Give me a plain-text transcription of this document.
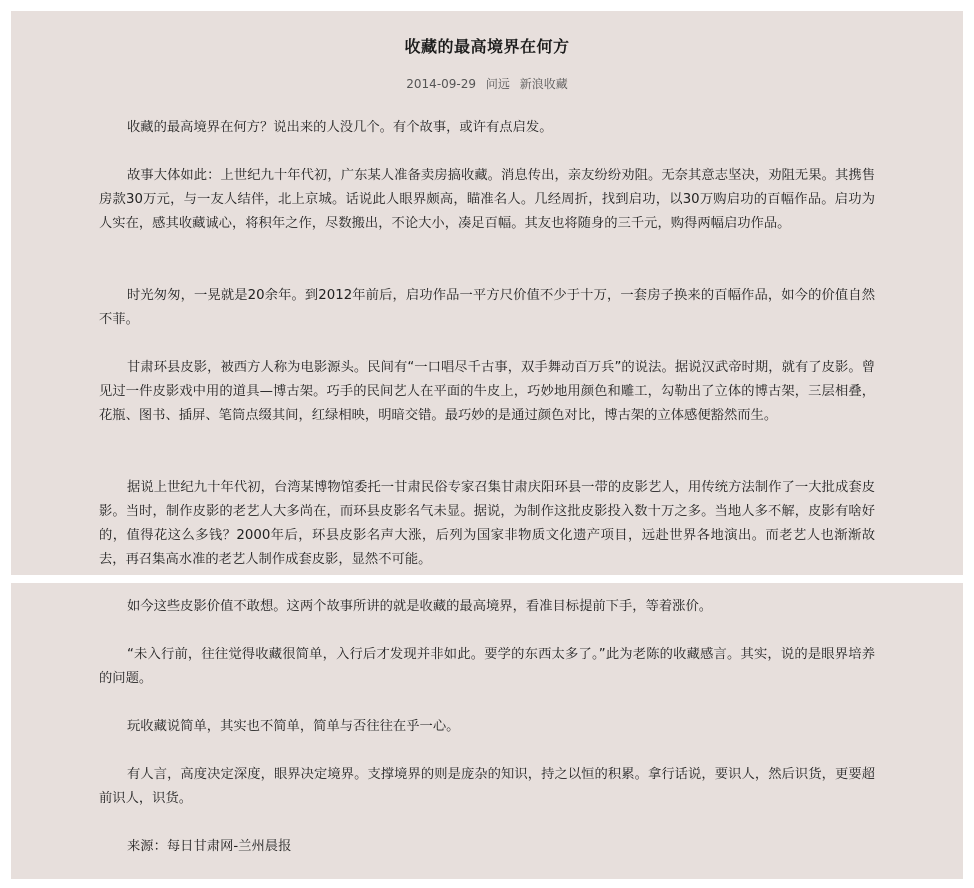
收藏的最高境界在何方
2014-09-29 问远 新浪收藏

收藏的最高境界在何方？说出来的人没几个。有个故事，或许有点启发。

故事大体如此：上世纪九十年代初，广东某人准备卖房搞收藏。消息传出，亲友纷纷劝阻。无奈其意志坚决，劝阻无果。其携售房款30万元，与一友人结伴，北上京城。话说此人眼界颇高，瞄准名人。几经周折，找到启功，以30万购启功的百幅作品。启功为人实在，感其收藏诚心，将积年之作，尽数搬出，不论大小，凑足百幅。其友也将随身的三千元，购得两幅启功作品。

时光匆匆，一晃就是20余年。到2012年前后，启功作品一平方尺价值不少于十万，一套房子换来的百幅作品，如今的价值自然不菲。

甘肃环县皮影，被西方人称为电影源头。民间有“一口唱尽千古事，双手舞动百万兵”的说法。据说汉武帝时期，就有了皮影。曾见过一件皮影戏中用的道具—博古架。巧手的民间艺人在平面的牛皮上，巧妙地用颜色和雕工，勾勒出了立体的博古架，三层相叠，花瓶、图书、插屏、笔筒点缀其间，红绿相映，明暗交错。最巧妙的是通过颜色对比，博古架的立体感便豁然而生。

据说上世纪九十年代初，台湾某博物馆委托一甘肃民俗专家召集甘肃庆阳环县一带的皮影艺人，用传统方法制作了一大批成套皮影。当时，制作皮影的老艺人大多尚在，而环县皮影名气未显。据说，为制作这批皮影投入数十万之多。当地人多不解，皮影有啥好的，值得花这么多钱？2000年后，环县皮影名声大涨，后列为国家非物质文化遗产项目，远赴世界各地演出。而老艺人也渐渐故去，再召集高水准的老艺人制作成套皮影，显然不可能。

如今这些皮影价值不敢想。这两个故事所讲的就是收藏的最高境界，看准目标提前下手，等着涨价。

“未入行前，往往觉得收藏很简单，入行后才发现并非如此。要学的东西太多了。”此为老陈的收藏感言。其实，说的是眼界培养的问题。

玩收藏说简单，其实也不简单，简单与否往往在乎一心。

有人言，高度决定深度，眼界决定境界。支撑境界的则是庞杂的知识，持之以恒的积累。拿行话说，要识人，然后识货，更要超前识人，识货。

来源：每日甘肃网-兰州晨报
